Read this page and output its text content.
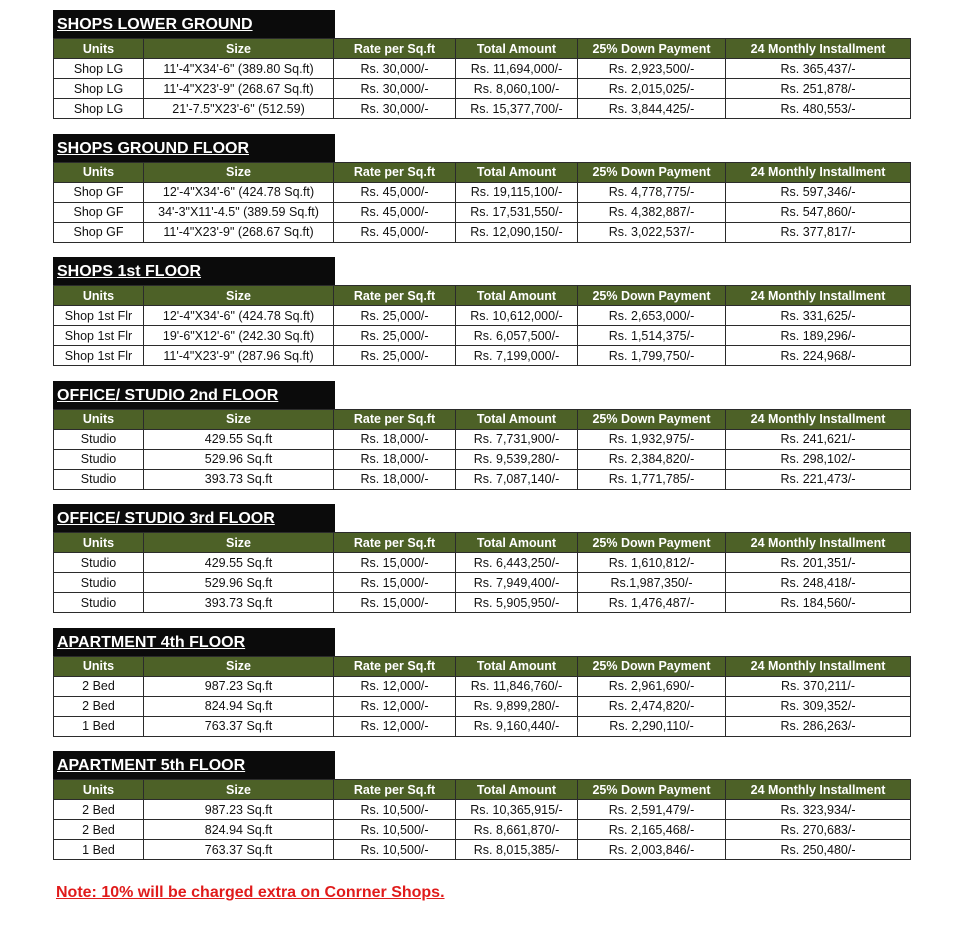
SHOPS LOWER GROUND
Units	Size	Rate per Sq.ft	Total Amount	25% Down Payment	24 Monthly Installment
Shop LG	11'-4"X34'-6" (389.80 Sq.ft)	Rs. 30,000/-	Rs. 11,694,000/-	Rs. 2,923,500/-	Rs. 365,437/-
Shop LG	11'-4"X23'-9" (268.67 Sq.ft)	Rs. 30,000/-	Rs. 8,060,100/-	Rs. 2,015,025/-	Rs. 251,878/-
Shop LG	21'-7.5"X23'-6" (512.59)	Rs. 30,000/-	Rs. 15,377,700/-	Rs. 3,844,425/-	Rs. 480,553/-
SHOPS GROUND FLOOR
Units	Size	Rate per Sq.ft	Total Amount	25% Down Payment	24 Monthly Installment
Shop GF	12'-4"X34'-6" (424.78 Sq.ft)	Rs. 45,000/-	Rs. 19,115,100/-	Rs. 4,778,775/-	Rs. 597,346/-
Shop GF	34'-3"X11'-4.5" (389.59 Sq.ft)	Rs. 45,000/-	Rs. 17,531,550/-	Rs. 4,382,887/-	Rs. 547,860/-
Shop GF	11'-4"X23'-9" (268.67 Sq.ft)	Rs. 45,000/-	Rs. 12,090,150/-	Rs. 3,022,537/-	Rs. 377,817/-
SHOPS 1st FLOOR
Units	Size	Rate per Sq.ft	Total Amount	25% Down Payment	24 Monthly Installment
Shop 1st Flr	12'-4"X34'-6" (424.78 Sq.ft)	Rs. 25,000/-	Rs. 10,612,000/-	Rs. 2,653,000/-	Rs. 331,625/-
Shop 1st Flr	19'-6"X12'-6" (242.30 Sq.ft)	Rs. 25,000/-	Rs. 6,057,500/-	Rs. 1,514,375/-	Rs. 189,296/-
Shop 1st Flr	11'-4"X23'-9" (287.96 Sq.ft)	Rs. 25,000/-	Rs. 7,199,000/-	Rs. 1,799,750/-	Rs. 224,968/-
OFFICE/ STUDIO 2nd FLOOR
Units	Size	Rate per Sq.ft	Total Amount	25% Down Payment	24 Monthly Installment
Studio	429.55 Sq.ft	Rs. 18,000/-	Rs. 7,731,900/-	Rs. 1,932,975/-	Rs. 241,621/-
Studio	529.96 Sq.ft	Rs. 18,000/-	Rs. 9,539,280/-	Rs. 2,384,820/-	Rs. 298,102/-
Studio	393.73 Sq.ft	Rs. 18,000/-	Rs. 7,087,140/-	Rs. 1,771,785/-	Rs. 221,473/-
OFFICE/ STUDIO 3rd FLOOR
Units	Size	Rate per Sq.ft	Total Amount	25% Down Payment	24 Monthly Installment
Studio	429.55 Sq.ft	Rs. 15,000/-	Rs. 6,443,250/-	Rs. 1,610,812/-	Rs. 201,351/-
Studio	529.96 Sq.ft	Rs. 15,000/-	Rs. 7,949,400/-	Rs.1,987,350/-	Rs. 248,418/-
Studio	393.73 Sq.ft	Rs. 15,000/-	Rs. 5,905,950/-	Rs. 1,476,487/-	Rs. 184,560/-
APARTMENT 4th FLOOR
Units	Size	Rate per Sq.ft	Total Amount	25% Down Payment	24 Monthly Installment
2 Bed	987.23 Sq.ft	Rs. 12,000/-	Rs. 11,846,760/-	Rs. 2,961,690/-	Rs. 370,211/-
2 Bed	824.94 Sq.ft	Rs. 12,000/-	Rs. 9,899,280/-	Rs. 2,474,820/-	Rs. 309,352/-
1 Bed	763.37 Sq.ft	Rs. 12,000/-	Rs. 9,160,440/-	Rs. 2,290,110/-	Rs. 286,263/-
APARTMENT 5th FLOOR
Units	Size	Rate per Sq.ft	Total Amount	25% Down Payment	24 Monthly Installment
2 Bed	987.23 Sq.ft	Rs. 10,500/-	Rs. 10,365,915/-	Rs. 2,591,479/-	Rs. 323,934/-
2 Bed	824.94 Sq.ft	Rs. 10,500/-	Rs. 8,661,870/-	Rs. 2,165,468/-	Rs. 270,683/-
1 Bed	763.37 Sq.ft	Rs. 10,500/-	Rs. 8,015,385/-	Rs. 2,003,846/-	Rs. 250,480/-
Note: 10% will be charged extra on Conrner Shops.
